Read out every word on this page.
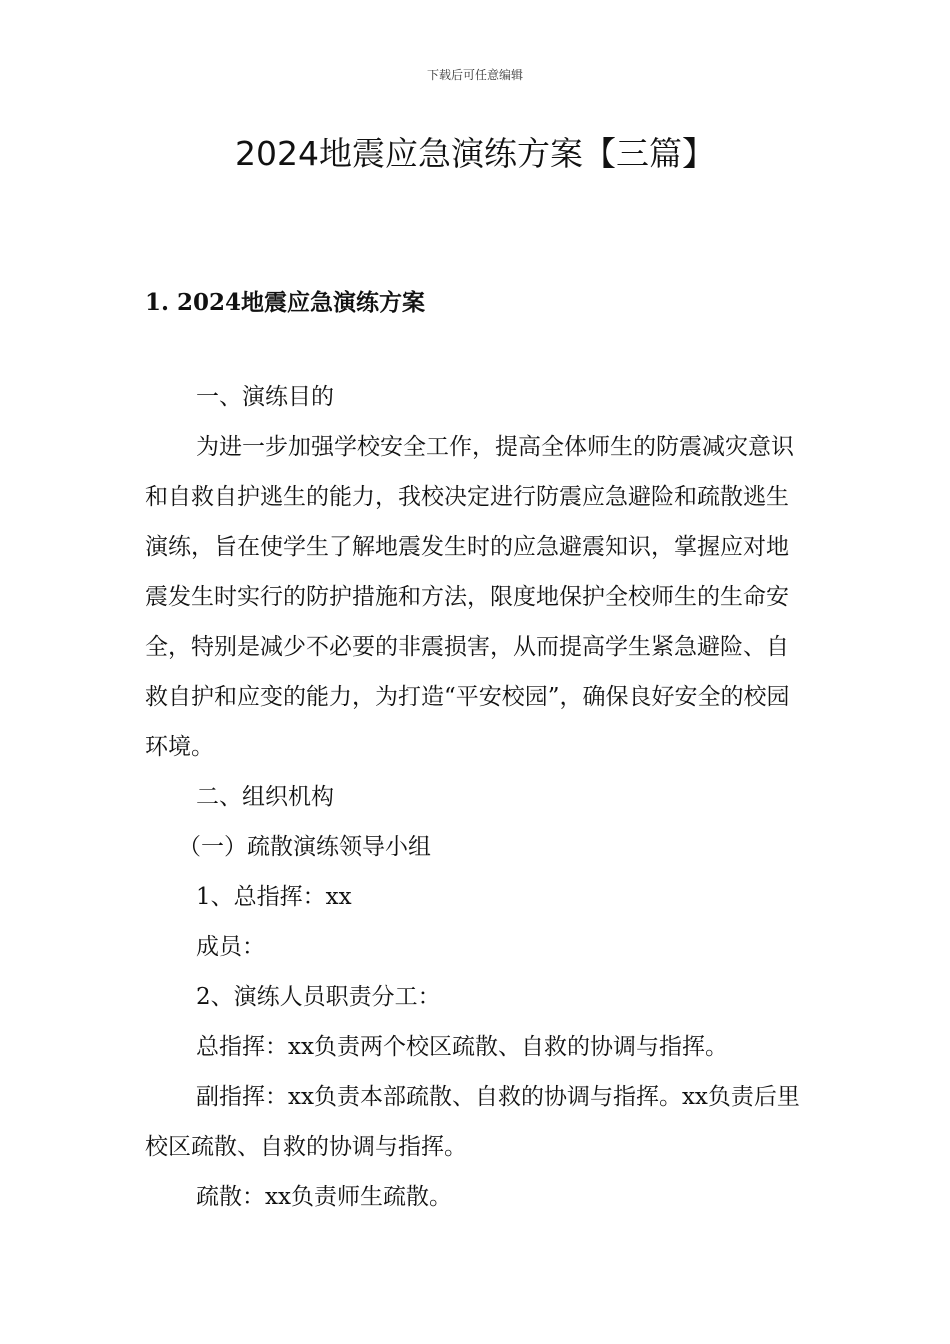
下载后可任意编辑
2024地震应急演练方案【三篇】
1. 2024地震应急演练方案

一、演练目的

为进一步加强学校安全工作，提高全体师生的防震减灾意识和自救自护逃生的能力，我校决定进行防震应急避险和疏散逃生演练，旨在使学生了解地震发生时的应急避震知识，掌握应对地震发生时实行的防护措施和方法，限度地保护全校师生的生命安全，特别是减少不必要的非震损害，从而提高学生紧急避险、自救自护和应变的能力，为打造“平安校园”，确保良好安全的校园环境。

二、组织机构

（一）疏散演练领导小组

1、总指挥：xx

成员：

2、演练人员职责分工：

总指挥：xx负责两个校区疏散、自救的协调与指挥。

副指挥：xx负责本部疏散、自救的协调与指挥。xx负责后里校区疏散、自救的协调与指挥。

疏散：xx负责师生疏散。
